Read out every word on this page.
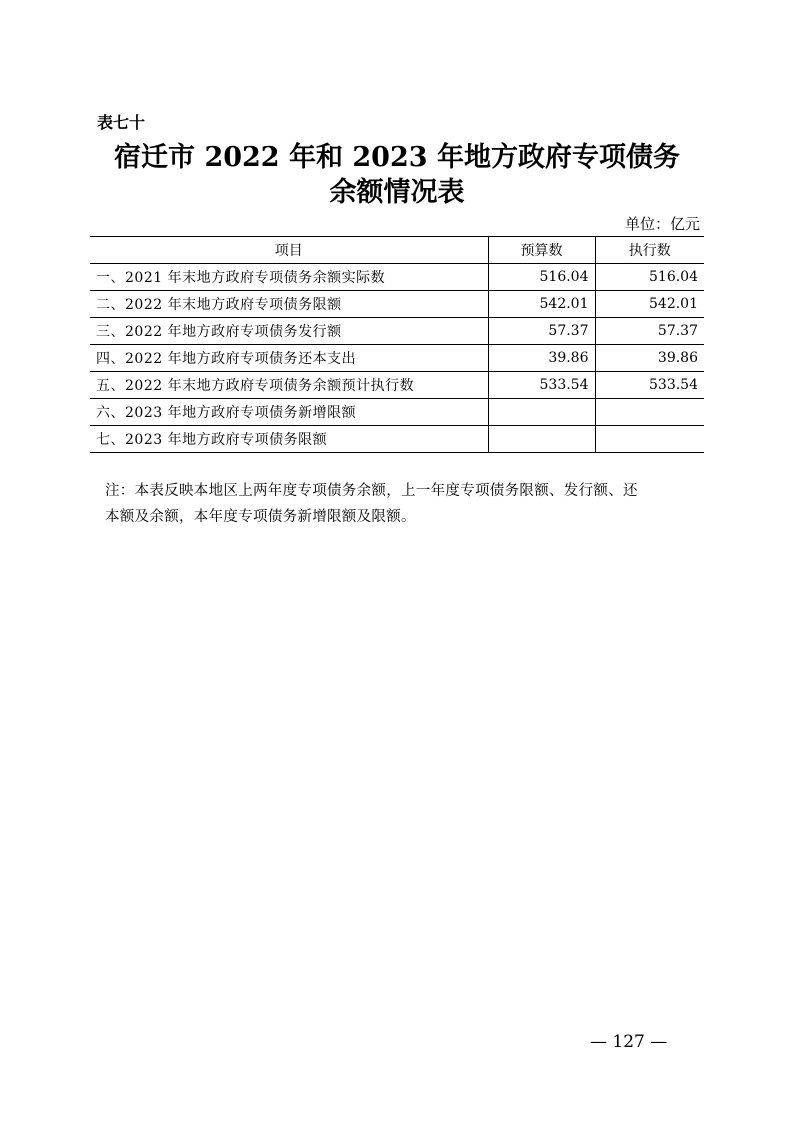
表七十
宿迁市 2022 年和 2023 年地方政府专项债务
余额情况表
单位：亿元
项目	预算数	执行数
一、2021 年末地方政府专项债务余额实际数	516.04	516.04
二、2022 年末地方政府专项债务限额	542.01	542.01
三、2022 年地方政府专项债务发行额	57.37	57.37
四、2022 年地方政府专项债务还本支出	39.86	39.86
五、2022 年末地方政府专项债务余额预计执行数	533.54	533.54
六、2023 年地方政府专项债务新增限额		
七、2023 年地方政府专项债务限额		
注：本表反映本地区上两年度专项债务余额，上一年度专项债务限额、发行额、还
本额及余额，本年度专项债务新增限额及限额。
— 127 —
